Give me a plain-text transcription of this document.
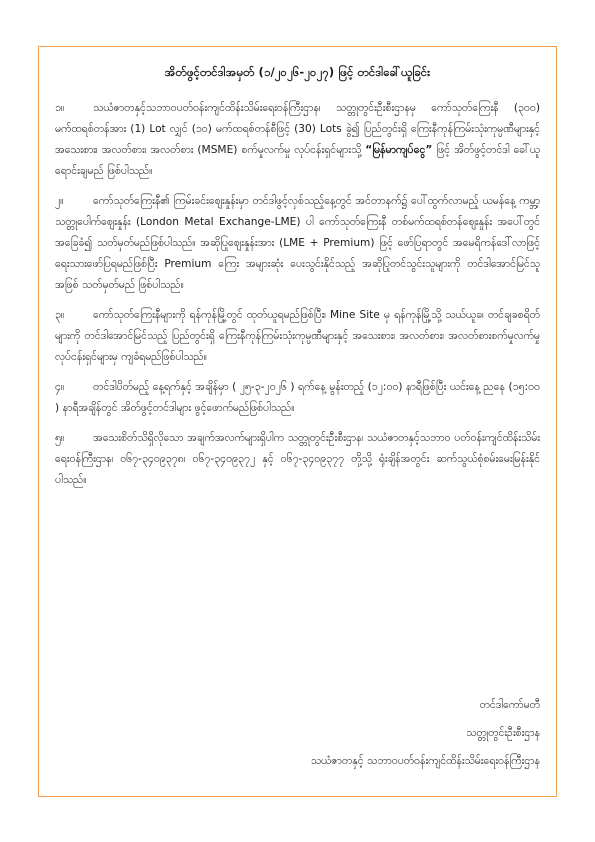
အိတ်ဖွင့်တင်ဒါအမှတ် (၁/၂၀၂၆-၂၀၂၇) ဖြင့် တင်ဒါခေါ်ယူခြင်း

၁။	သယံဇာတနှင့်သဘာဝပတ်ဝန်းကျင်ထိန်းသိမ်းရေးဝန်ကြီးဌာန၊ သတ္တုတွင်းဦးစီးဌာနမှ ကော်သုတ်ကြေးနီ (၃၀၀) မက်ထရစ်တန်အား (1) Lot လျှင် (၁၀) မက်ထရစ်တန်စီဖြင့် (30) Lots ခွဲ၍ ပြည်တွင်းရှိ ကြေးနီကုန်ကြမ်းသုံးကုမ္ပဏီများနှင့် အသေးစား၊ အလတ်စား၊ အလတ်စား (MSME) စက်မှုလက်မှု လုပ်ငန်းရှင်များသို့ “မြန်မာကျပ်ငွေ” ဖြင့် အိတ်ဖွင့်တင်ဒါ ခေါ်ယူရောင်းချမည် ဖြစ်ပါသည်။

၂။	ကော်သုတ်ကြေးနီ၏ ကြမ်းခင်းဈေးနှုန်းမှာ တင်ဒါဖွင့်လှစ်သည့်နေ့တွင် အင်တာနက်၌ ပေါ်ထွက်လာမည့် ယမန်နေ့ ကမ္ဘာ့သတ္တုပေါက်ဈေးနှုန်း (London Metal Exchange-LME) ပါ ကော်သုတ်ကြေးနီ တစ်မက်ထရစ်တန်ဈေးနှုန်း အပေါ်တွင် အခြေခံ၍ သတ်မှတ်မည်ဖြစ်ပါသည်။ အဆိုပြုဈေးနှုန်းအား (LME + Premium) ဖြင့် ဖော်ပြရာတွင် အမေရိကန်ဒေါ်လာဖြင့် ရေးသားဖော်ပြရမည်ဖြစ်ပြီး Premium ကြေး အများဆုံး ပေးသွင်းနိုင်သည့် အဆိုပြုတင်သွင်းသူများကို တင်ဒါအောင်မြင်သူအဖြစ် သတ်မှတ်မည် ဖြစ်ပါသည်။

၃။	ကော်သုတ်ကြေးနီများကို ရန်ကုန်မြို့တွင် ထုတ်ယူရမည်ဖြစ်ပြီး၊ Mine Site မှ ရန်ကုန်မြို့သို့ သယ်ယူခ၊ တင်ချခစရိတ်များကို တင်ဒါအောင်မြင်သည့် ပြည်တွင်းရှိ ကြေးနီကုန်ကြမ်းသုံးကုမ္ပဏီများနှင့် အသေးစား၊ အလတ်စား၊ အလတ်စားစက်မှုလက်မှုလုပ်ငန်းရှင်များမှ ကျခံရမည်ဖြစ်ပါသည်။

၄။	တင်ဒါပိတ်မည့် နေ့ရက်နှင့် အချိန်မှာ ( ၂၅-၃-၂၀၂၆ ) ရက်နေ့ မွန်းတည့် (၁၂:၀၀) နာရီဖြစ်ပြီး ယင်းနေ့ ညနေ (၁၅:၀၀ ) နာရီအချိန်တွင် အိတ်ဖွင့်တင်ဒါများ ဖွင့်ဖောက်မည်ဖြစ်ပါသည်။

၅။	အသေးစိတ်သိရှိလိုသော အချက်အလက်များရှိပါက သတ္တုတွင်းဦးစီးဌာန၊ သယံဇာတနှင့်သဘာဝ ပတ်ဝန်းကျင်ထိန်းသိမ်းရေးဝန်ကြီးဌာန၊ ၀၆၇-၃၄၀၉၃၇၈၊ ၀၆၇-၃၄၀၉၃၇၂ နှင့် ၀၆၇-၃၄၀၉၃၇၇ တို့သို့ ရုံးချိန်အတွင်း ဆက်သွယ်စုံစမ်းမေးမြန်းနိုင်ပါသည်။

တင်ဒါကော်မတီ
သတ္တုတွင်းဦးစီးဌာန
သယံဇာတနှင့် သဘာဝပတ်ဝန်းကျင်ထိန်းသိမ်းရေးဝန်ကြီးဌာန
